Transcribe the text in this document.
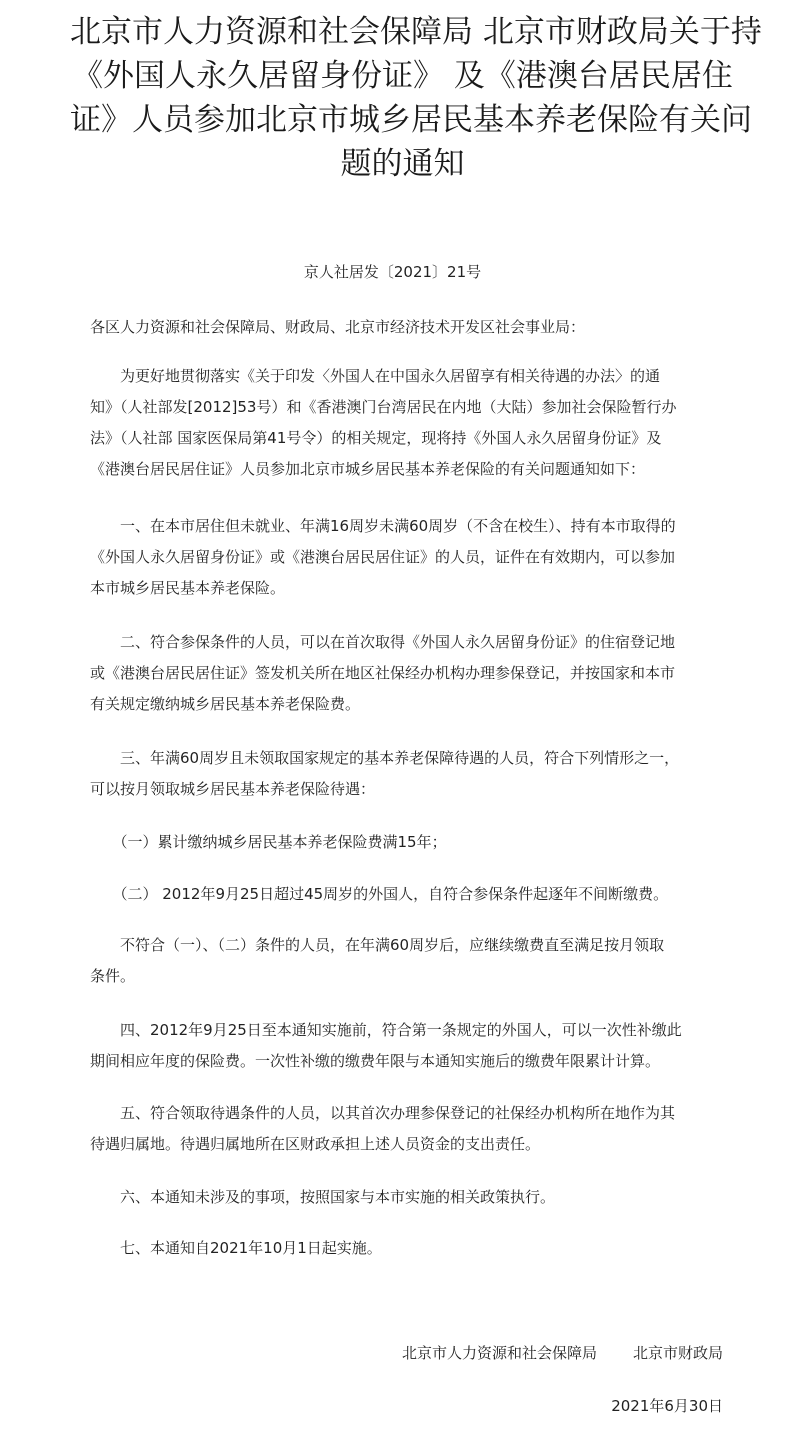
北京市人力资源和社会保障局 北京市财政局关于持
《外国人永久居留身份证》 及《港澳台居民居住
证》人员参加北京市城乡居民基本养老保险有关问
题的通知
京人社居发〔2021〕21号

各区人力资源和社会保障局、财政局、北京市经济技术开发区社会事业局：

　　为更好地贯彻落实《关于印发〈外国人在中国永久居留享有相关待遇的办法〉的通
知》（人社部发[2012]53号）和《香港澳门台湾居民在内地（大陆）参加社会保险暂行办
法》（人社部 国家医保局第41号令）的相关规定，现将持《外国人永久居留身份证》及
《港澳台居民居住证》人员参加北京市城乡居民基本养老保险的有关问题通知如下：

　　一、在本市居住但未就业、年满16周岁未满60周岁（不含在校生）、持有本市取得的
《外国人永久居留身份证》或《港澳台居民居住证》的人员，证件在有效期内，可以参加
本市城乡居民基本养老保险。

　　二、符合参保条件的人员，可以在首次取得《外国人永久居留身份证》的住宿登记地
或《港澳台居民居住证》签发机关所在地区社保经办机构办理参保登记，并按国家和本市
有关规定缴纳城乡居民基本养老保险费。

　　三、年满60周岁且未领取国家规定的基本养老保障待遇的人员，符合下列情形之一，
可以按月领取城乡居民基本养老保险待遇：

　　（一）累计缴纳城乡居民基本养老保险费满15年；

　　（二） 2012年9月25日超过45周岁的外国人，自符合参保条件起逐年不间断缴费。

　　不符合（一）、（二）条件的人员，在年满60周岁后，应继续缴费直至满足按月领取
条件。

　　四、2012年9月25日至本通知实施前，符合第一条规定的外国人，可以一次性补缴此
期间相应年度的保险费。一次性补缴的缴费年限与本通知实施后的缴费年限累计计算。

　　五、符合领取待遇条件的人员，以其首次办理参保登记的社保经办机构所在地作为其
待遇归属地。待遇归属地所在区财政承担上述人员资金的支出责任。

　　六、本通知未涉及的事项，按照国家与本市实施的相关政策执行。

　　七、本通知自2021年10月1日起实施。

北京市人力资源和社会保障局 北京市财政局
2021年6月30日
